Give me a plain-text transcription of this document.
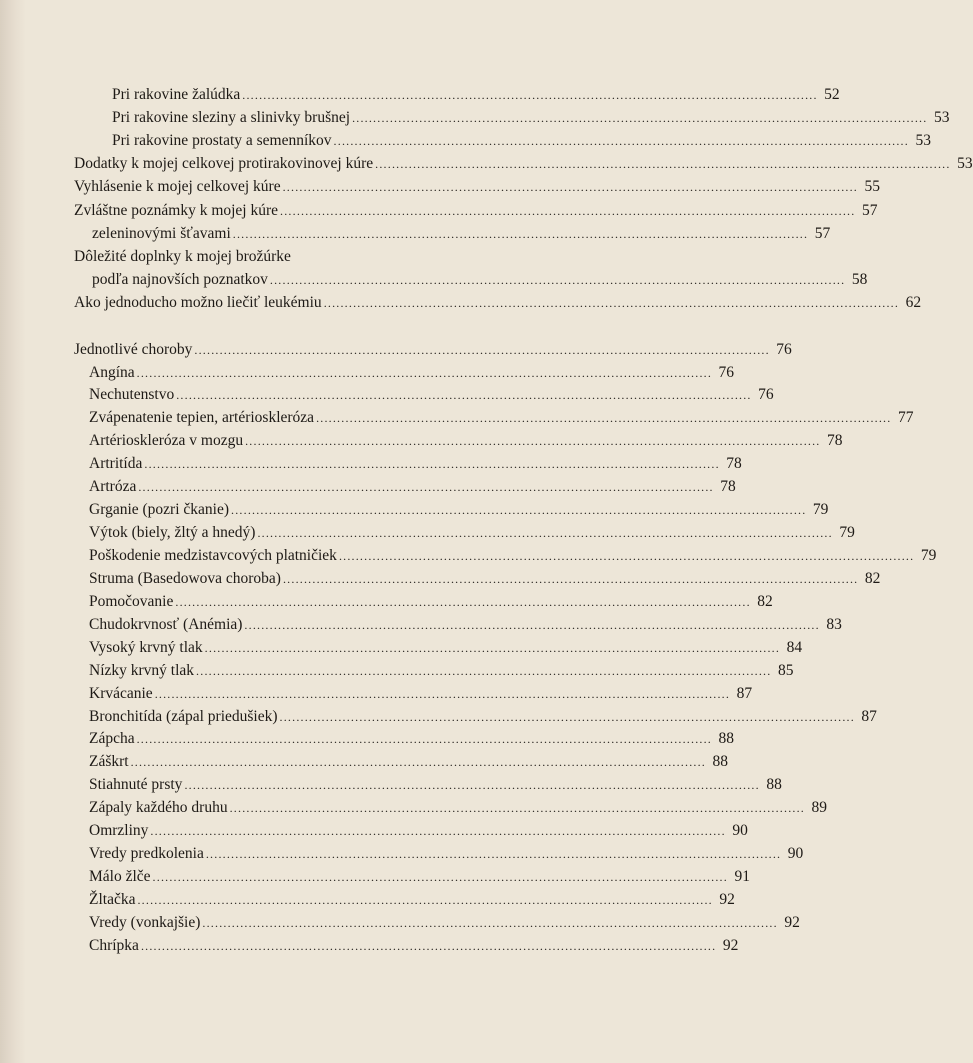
Pri rakovine žalúdka ......................................................................................................................................... 52
Pri rakovine sleziny a slinivky brušnej ......................................................................................................................................... 53
Pri rakovine prostaty a semenníkov ......................................................................................................................................... 53
Dodatky k mojej celkovej protirakovinovej kúre ......................................................................................................................................... 53
Vyhlásenie k mojej celkovej kúre ......................................................................................................................................... 55
Zvláštne poznámky k mojej kúre ......................................................................................................................................... 57
zeleninovými šťavami ......................................................................................................................................... 57
Dôležité doplnky k mojej brožúrke
podľa najnovších poznatkov ......................................................................................................................................... 58
Ako jednoducho možno liečiť leukémiu ......................................................................................................................................... 62
Jednotlivé choroby ......................................................................................................................................... 76
Angína ......................................................................................................................................... 76
Nechutenstvo ......................................................................................................................................... 76
Zvápenatenie tepien, artérioskleróza ......................................................................................................................................... 77
Artérioskleróza v mozgu ......................................................................................................................................... 78
Artritída ......................................................................................................................................... 78
Artróza ......................................................................................................................................... 78
Grganie (pozri čkanie) ......................................................................................................................................... 79
Výtok (biely, žltý a hnedý) ......................................................................................................................................... 79
Poškodenie medzistavcových platničiek ......................................................................................................................................... 79
Struma (Basedowova choroba) ......................................................................................................................................... 82
Pomočovanie ......................................................................................................................................... 82
Chudokrvnosť (Anémia) ......................................................................................................................................... 83
Vysoký krvný tlak ......................................................................................................................................... 84
Nízky krvný tlak ......................................................................................................................................... 85
Krvácanie ......................................................................................................................................... 87
Bronchitída (zápal priedušiek) ......................................................................................................................................... 87
Zápcha ......................................................................................................................................... 88
Záškrt ......................................................................................................................................... 88
Stiahnuté prsty ......................................................................................................................................... 88
Zápaly každého druhu ......................................................................................................................................... 89
Omrzliny ......................................................................................................................................... 90
Vredy predkolenia ......................................................................................................................................... 90
Málo žlče ......................................................................................................................................... 91
Žltačka ......................................................................................................................................... 92
Vredy (vonkajšie) ......................................................................................................................................... 92
Chrípka ......................................................................................................................................... 92
